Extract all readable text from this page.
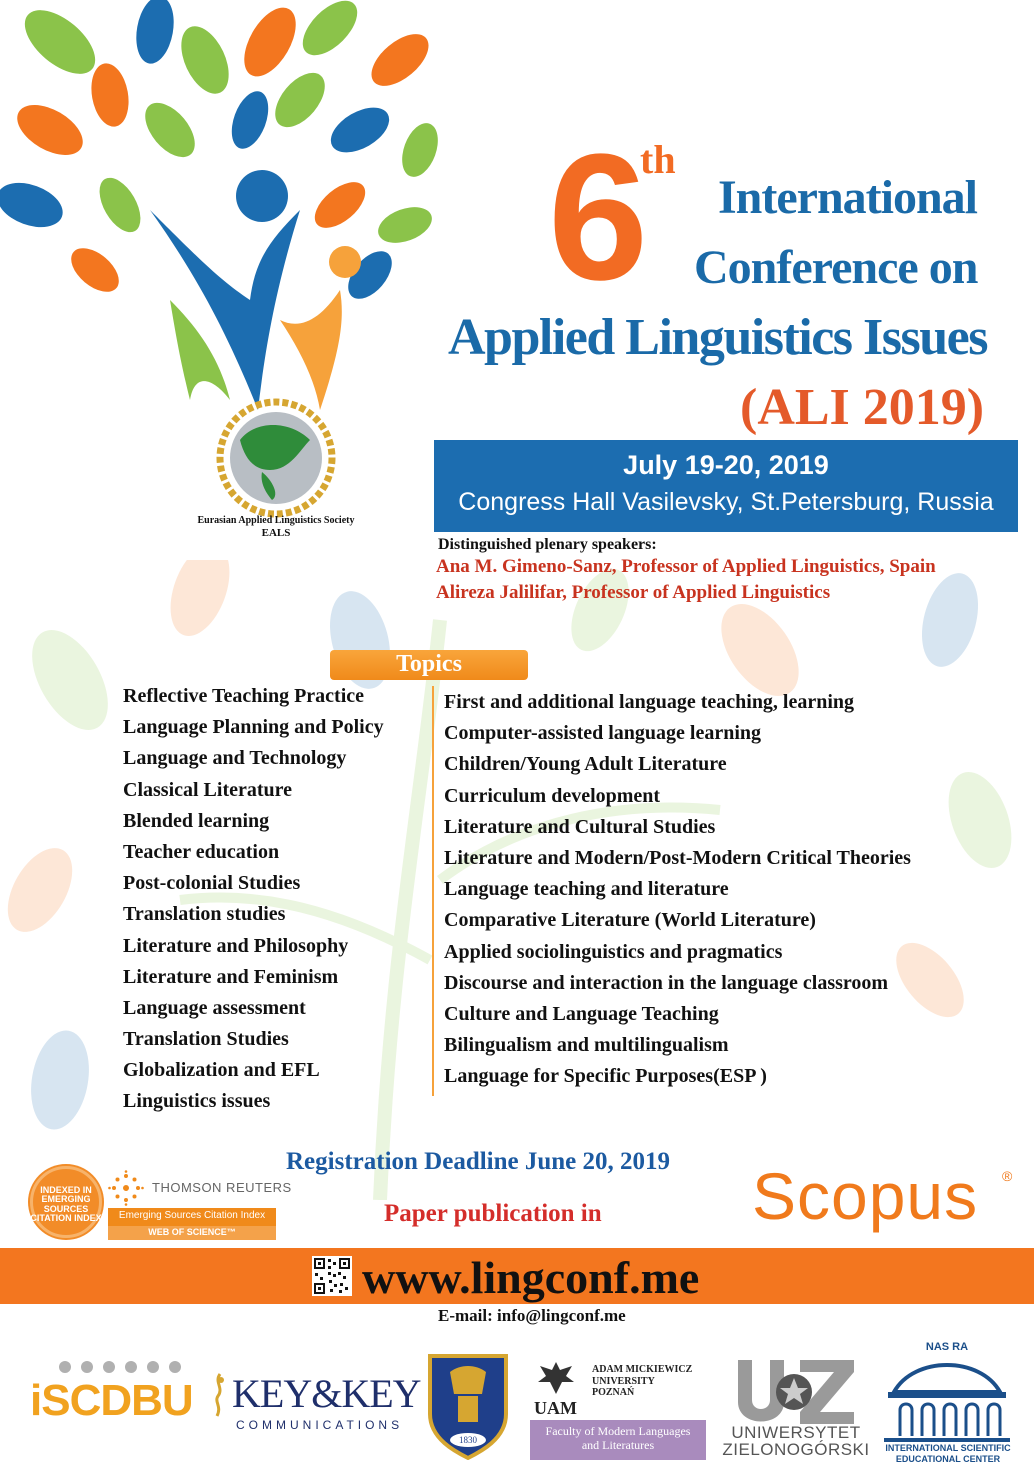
Eurasian Applied Linguistics Society
EALS
6
th
International
Conference on
Applied Linguistics Issues
(ALI 2019)
July 19-20, 2019
Congress Hall Vasilevsky, St.Petersburg, Russia
Distinguished plenary speakers:
Ana M. Gimeno-Sanz, Professor of Applied Linguistics, Spain
Alireza Jalilifar, Professor of Applied Linguistics
Topics
Reflective Teaching Practice
Language Planning and Policy
Language and Technology
Classical Literature
Blended learning
Teacher education
Post-colonial Studies
Translation studies
Literature and Philosophy
Literature and Feminism
Language assessment
Translation Studies
Globalization and EFL
Linguistics issues
First and additional language teaching, learning
Computer-assisted language learning
Children/Young Adult Literature
Curriculum development
Literature and Cultural Studies
Literature and Modern/Post-Modern Critical Theories
Language teaching and literature
Comparative Literature (World Literature)
Applied sociolinguistics and pragmatics
Discourse and interaction in the language classroom
Culture and Language Teaching
Bilingualism and multilingualism
Language for Specific Purposes(ESP )
Registration Deadline June 20, 2019
Paper publication in Scopus ®
INDEXED IN EMERGING SOURCES CITATION INDEX
THOMSON REUTERS
Emerging Sources Citation Index
WEB OF SCIENCE™
www.lingconf.me
E-mail: info@lingconf.me
iSCDBU KEY&KEY
COMMUNICATIONS
1830
ADAM MICKIEWICZ
UNIVERSITY
POZNAŃ
UAM
Faculty of Modern Languages
and Literatures
UNIWERSYTET
ZIELONOGÓRSKI
NAS RA
INTERNATIONAL SCIENTIFIC
EDUCATIONAL CENTER
